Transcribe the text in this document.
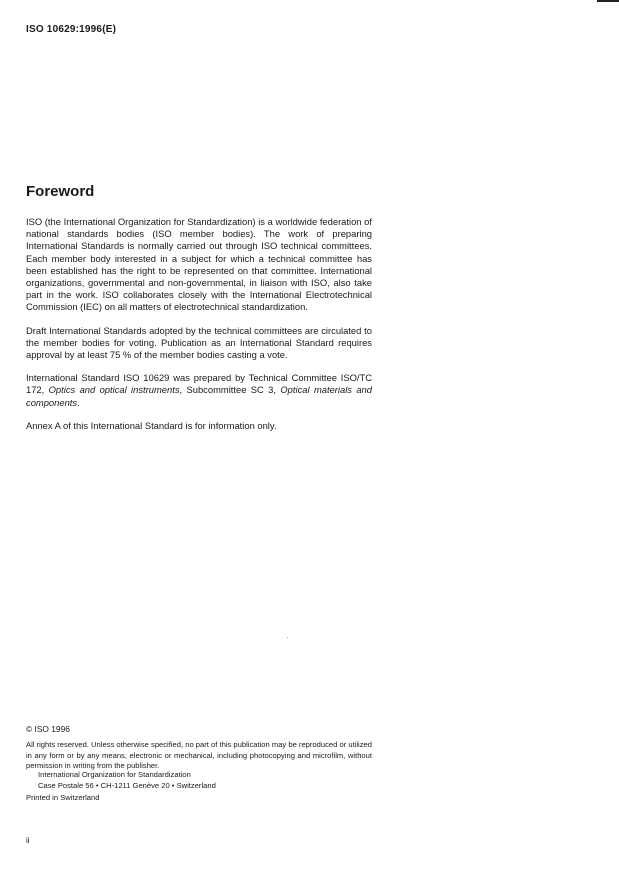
ISO 10629:1996(E)
Foreword

ISO (the International Organization for Standardization) is a worldwide federation of national standards bodies (ISO member bodies). The work of preparing International Standards is normally carried out through ISO technical committees. Each member body interested in a subject for which a technical committee has been established has the right to be represented on that committee. International organizations, governmental and non-governmental, in liaison with ISO, also take part in the work. ISO collaborates closely with the International Electrotechnical Commission (IEC) on all matters of electrotechnical standardization.

Draft International Standards adopted by the technical committees are circulated to the member bodies for voting. Publication as an International Standard requires approval by at least 75 % of the member bodies casting a vote.

International Standard ISO 10629 was prepared by Technical Committee ISO/TC 172, Optics and optical instruments, Subcommittee SC 3, Optical materials and components.

Annex A of this International Standard is for information only.

© ISO 1996
All rights reserved. Unless otherwise specified, no part of this publication may be reproduced or utilized in any form or by any means, electronic or mechanical, including photocopying and microfilm, without permission in writing from the publisher.
International Organization for Standardization
Case Postale 56 • CH-1211 Genève 20 • Switzerland
Printed in Switzerland
ii
